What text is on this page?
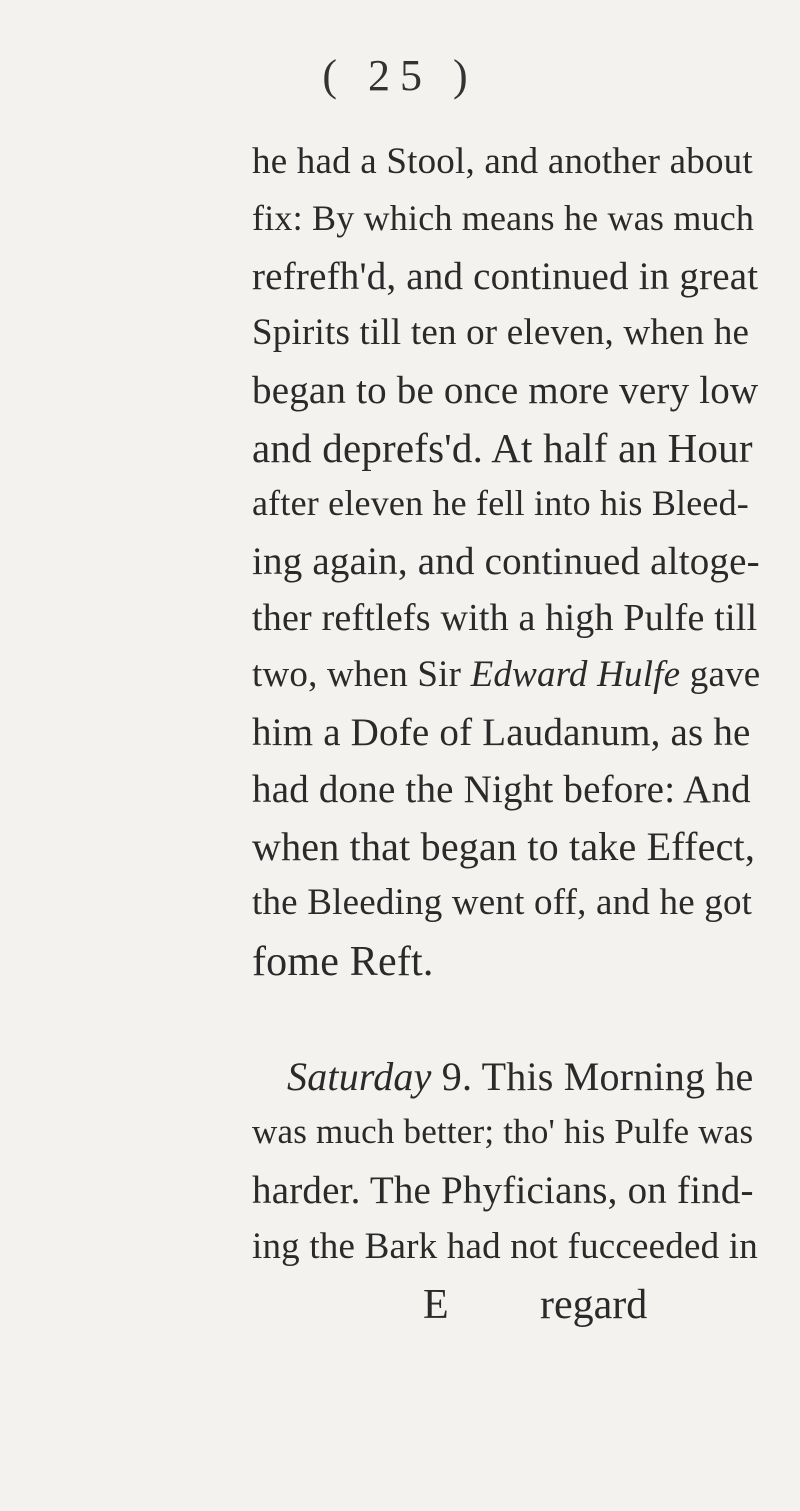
( 25 )
he had a Stool, and another about
fix: By which means he was much
refrefh'd, and continued in great
Spirits till ten or eleven, when he
began to be once more very low
and deprefs'd. At half an Hour
after eleven he fell into his Bleed-
ing again, and continued altoge-
ther reftlefs with a high Pulfe till
two, when Sir Edward Hulfe gave
him a Dofe of Laudanum, as he
had done the Night before: And
when that began to take Effect,
the Bleeding went off, and he got
fome Reft.
Saturday 9. This Morning he
was much better; tho' his Pulfe was
harder. The Phyficians, on find-
ing the Bark had not fucceeded in
E regard
